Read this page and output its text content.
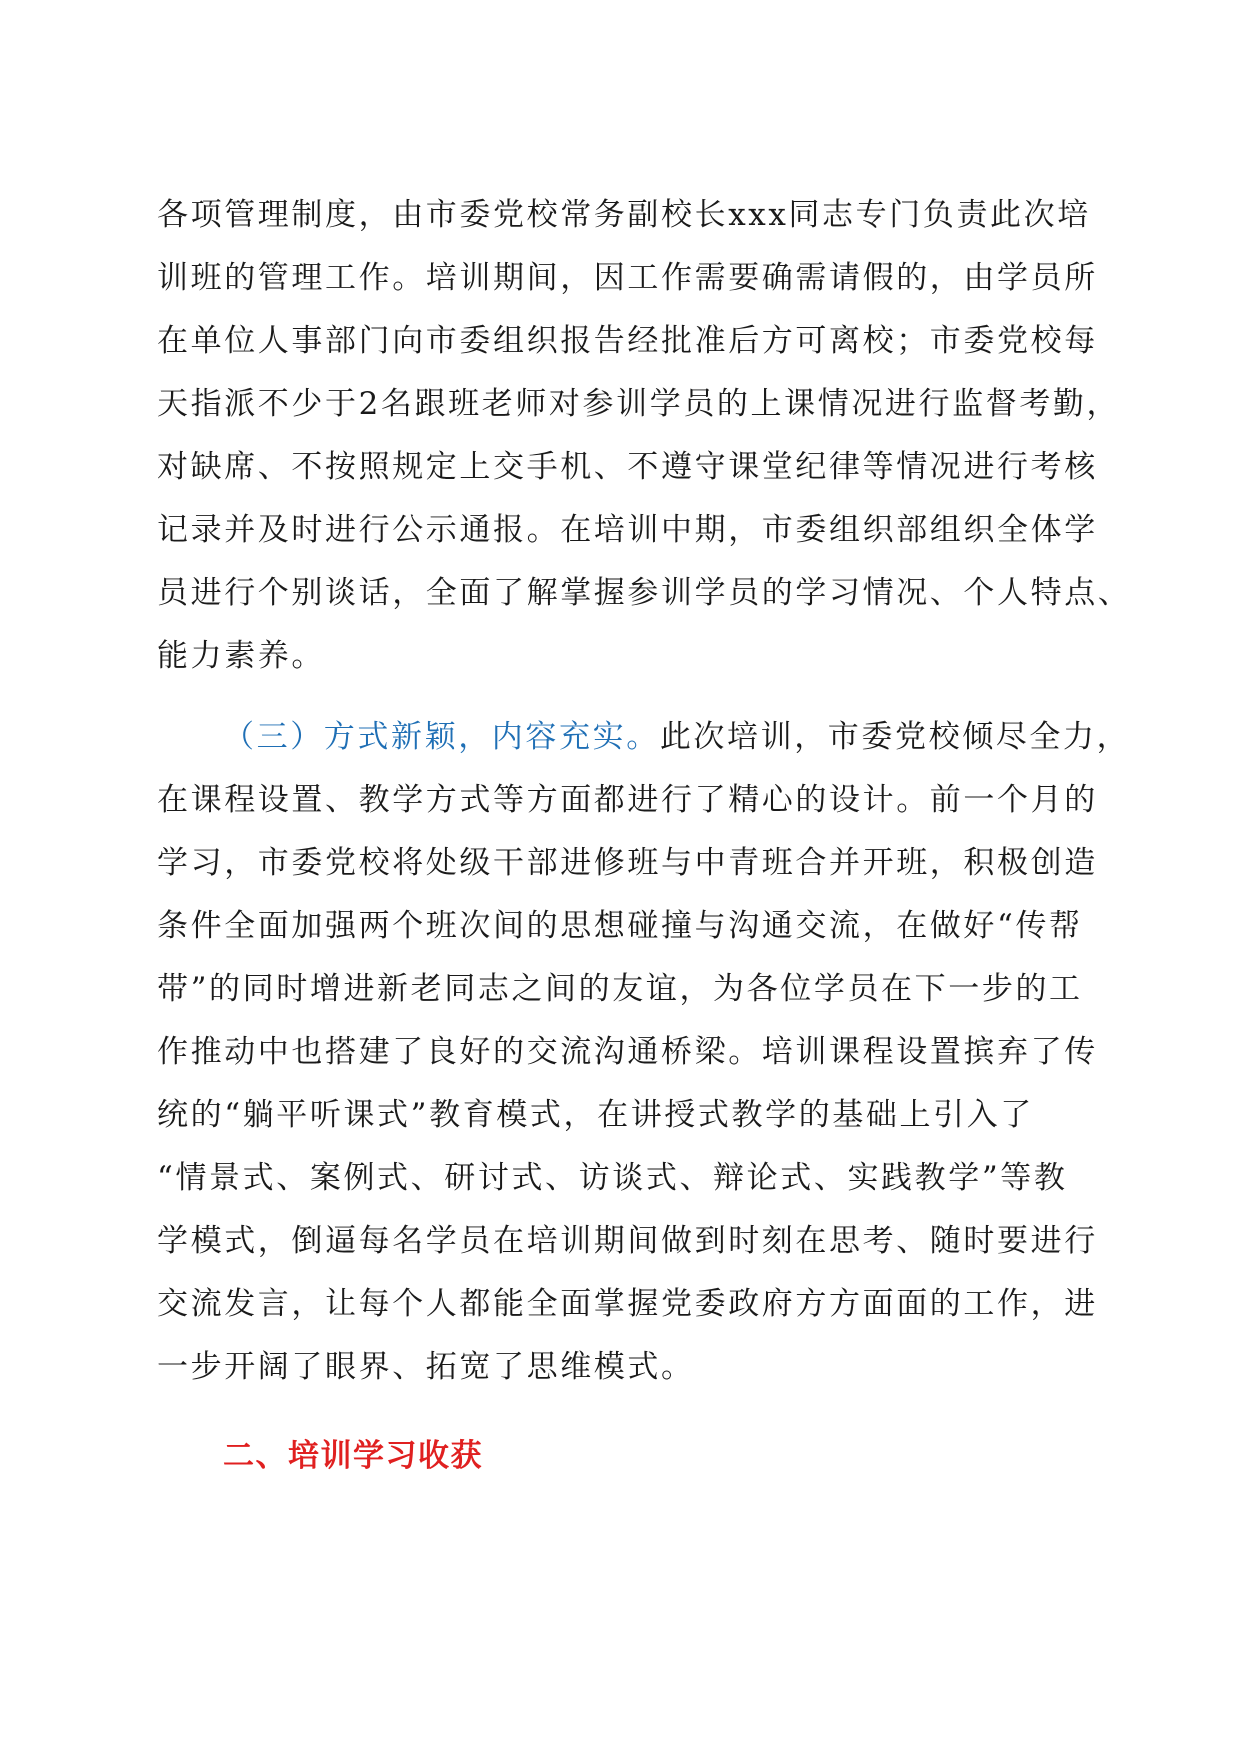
各项管理制度，由市委党校常务副校长xxx同志专门负责此次培
训班的管理工作。培训期间，因工作需要确需请假的，由学员所
在单位人事部门向市委组织报告经批准后方可离校；市委党校每
天指派不少于2名跟班老师对参训学员的上课情况进行监督考勤，
对缺席、不按照规定上交手机、不遵守课堂纪律等情况进行考核
记录并及时进行公示通报。在培训中期，市委组织部组织全体学
员进行个别谈话，全面了解掌握参训学员的学习情况、个人特点、
能力素养。
（三）方式新颖，内容充实。此次培训，市委党校倾尽全力，
在课程设置、教学方式等方面都进行了精心的设计。前一个月的
学习，市委党校将处级干部进修班与中青班合并开班，积极创造
条件全面加强两个班次间的思想碰撞与沟通交流，在做好“传帮
带”的同时增进新老同志之间的友谊，为各位学员在下一步的工
作推动中也搭建了良好的交流沟通桥梁。培训课程设置摈弃了传
统的“躺平听课式”教育模式，在讲授式教学的基础上引入了
“情景式、案例式、研讨式、访谈式、辩论式、实践教学”等教
学模式，倒逼每名学员在培训期间做到时刻在思考、随时要进行
交流发言，让每个人都能全面掌握党委政府方方面面的工作，进
一步开阔了眼界、拓宽了思维模式。
二、培训学习收获
